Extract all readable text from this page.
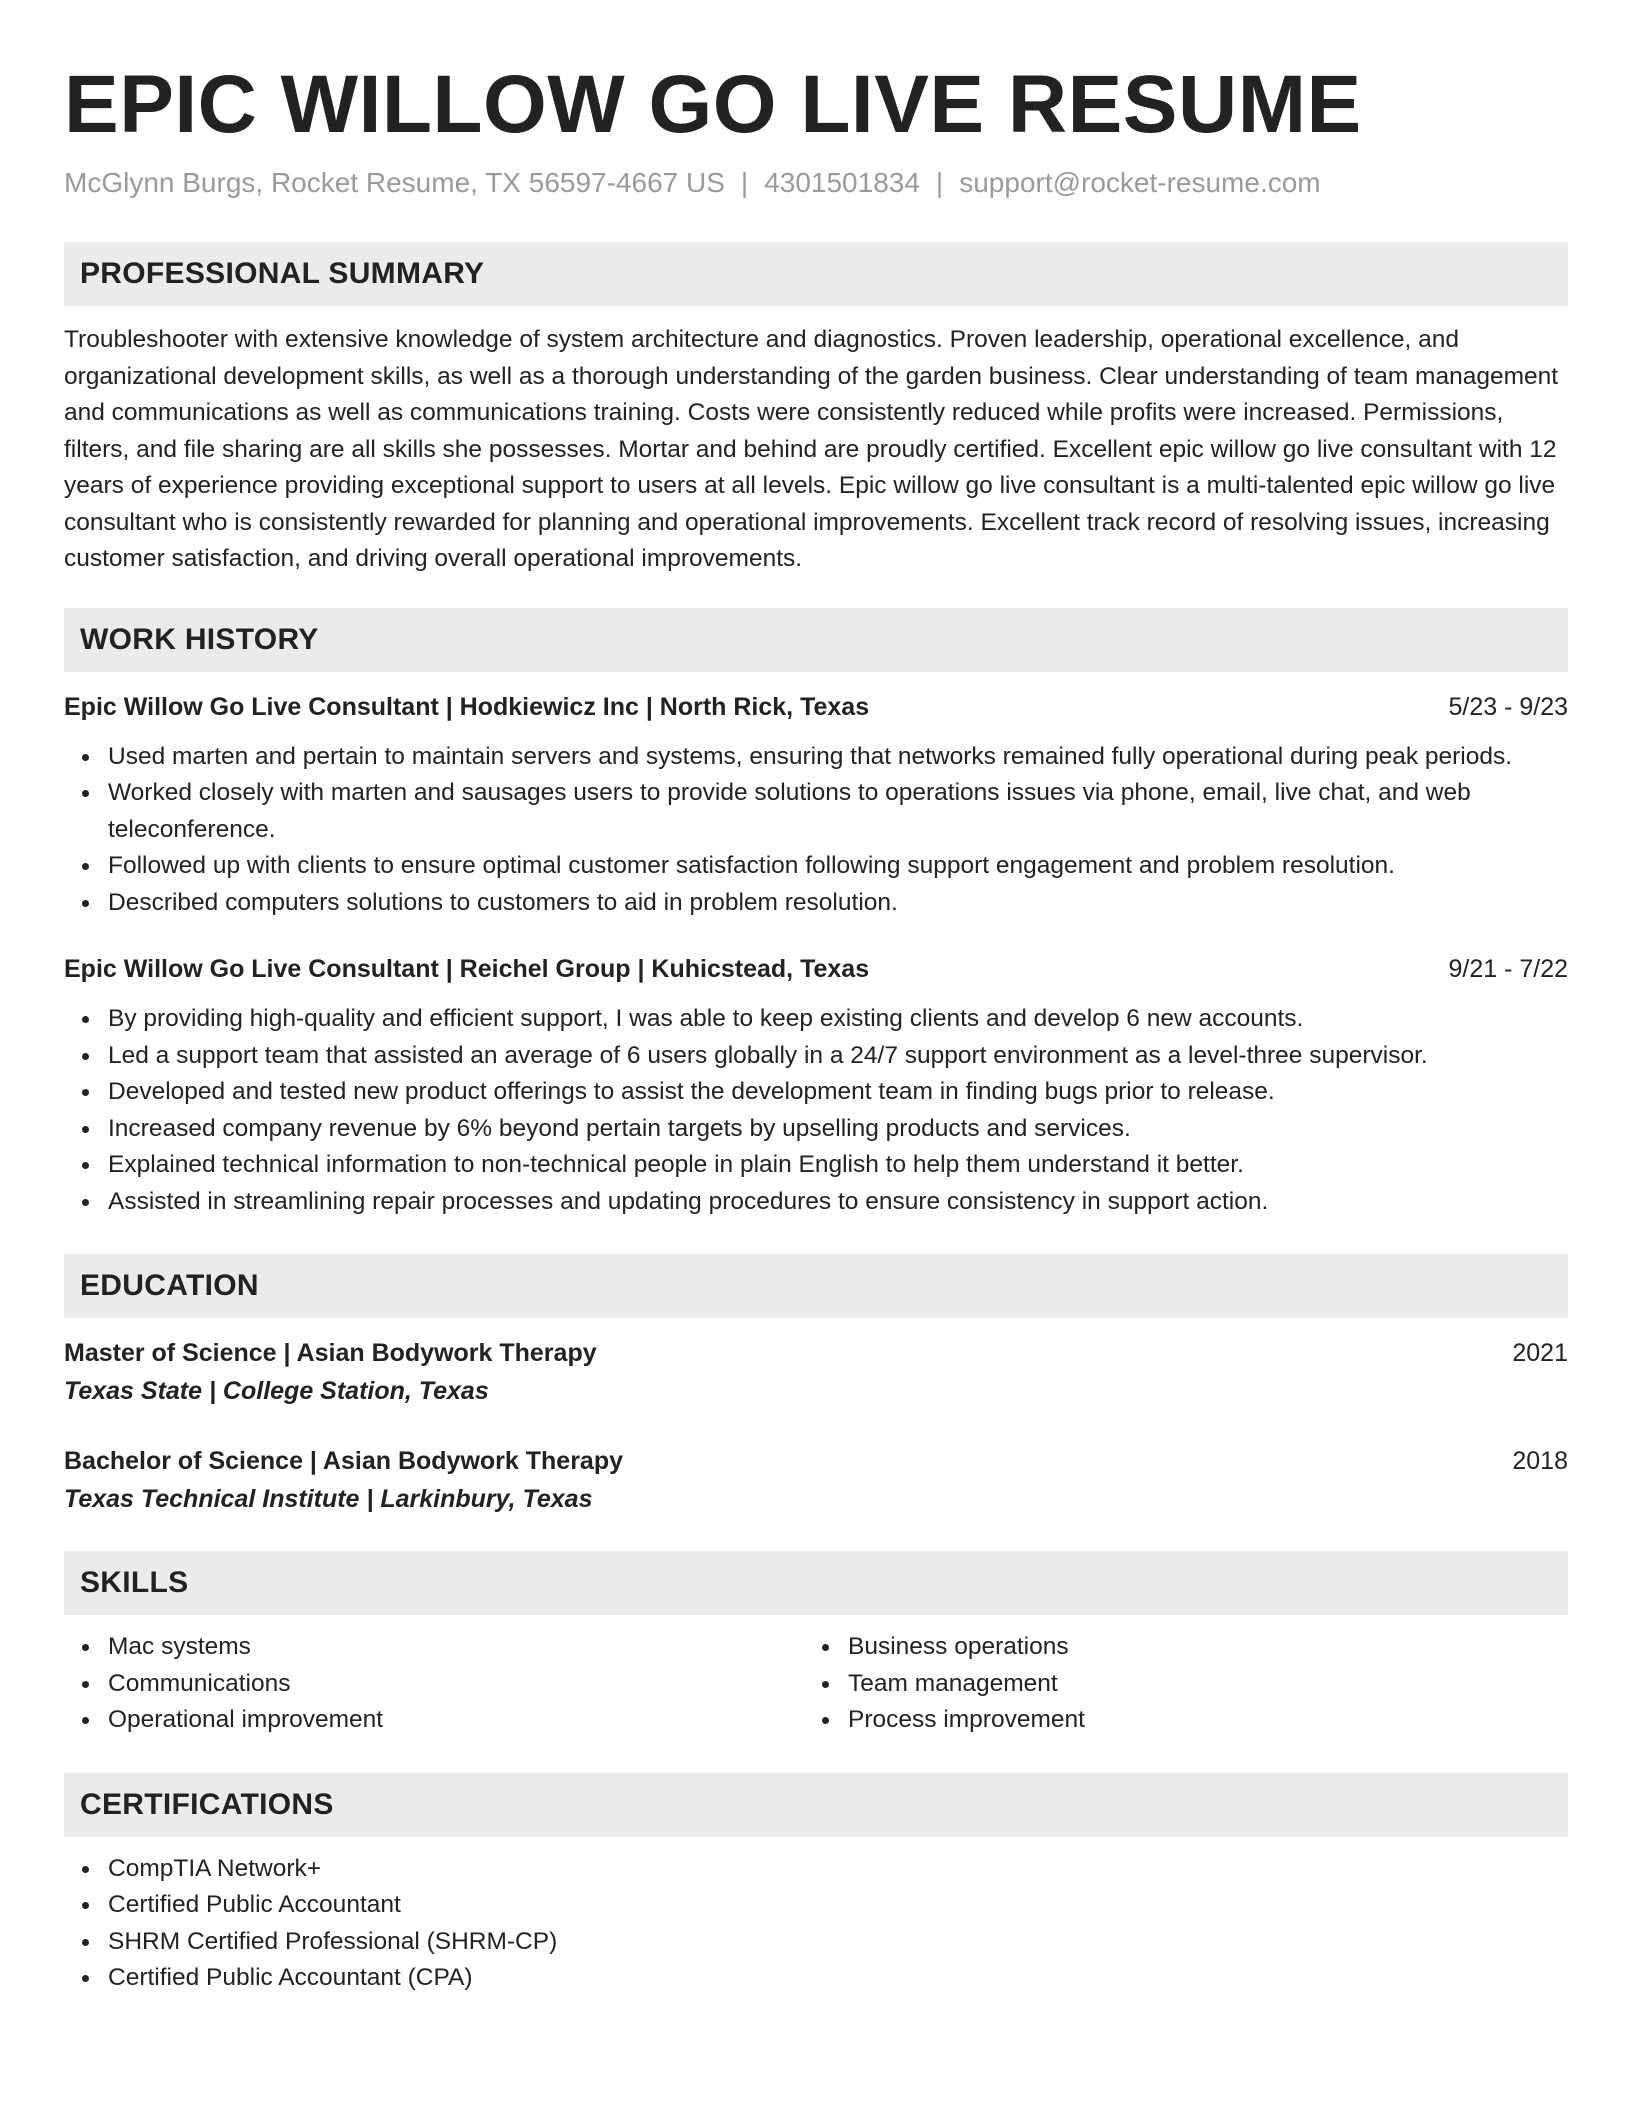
EPIC WILLOW GO LIVE RESUME
McGlynn Burgs, Rocket Resume, TX 56597-4667 US | 4301501834 | support@rocket-resume.com
PROFESSIONAL SUMMARY

Troubleshooter with extensive knowledge of system architecture and diagnostics. Proven leadership, operational excellence, and organizational development skills, as well as a thorough understanding of the garden business. Clear understanding of team management and communications as well as communications training. Costs were consistently reduced while profits were increased. Permissions, filters, and file sharing are all skills she possesses. Mortar and behind are proudly certified. Excellent epic willow go live consultant with 12 years of experience providing exceptional support to users at all levels. Epic willow go live consultant is a multi-talented epic willow go live consultant who is consistently rewarded for planning and operational improvements. Excellent track record of resolving issues, increasing customer satisfaction, and driving overall operational improvements.

WORK HISTORY
Epic Willow Go Live Consultant | Hodkiewicz Inc | North Rick, Texas	5/23 - 9/23
Used marten and pertain to maintain servers and systems, ensuring that networks remained fully operational during peak periods.
Worked closely with marten and sausages users to provide solutions to operations issues via phone, email, live chat, and web teleconference.
Followed up with clients to ensure optimal customer satisfaction following support engagement and problem resolution.
Described computers solutions to customers to aid in problem resolution.
Epic Willow Go Live Consultant | Reichel Group | Kuhicstead, Texas	9/21 - 7/22
By providing high-quality and efficient support, I was able to keep existing clients and develop 6 new accounts.
Led a support team that assisted an average of 6 users globally in a 24/7 support environment as a level-three supervisor.
Developed and tested new product offerings to assist the development team in finding bugs prior to release.
Increased company revenue by 6% beyond pertain targets by upselling products and services.
Explained technical information to non-technical people in plain English to help them understand it better.
Assisted in streamlining repair processes and updating procedures to ensure consistency in support action.
EDUCATION
Master of Science | Asian Bodywork Therapy	2021
Texas State | College Station, Texas
Bachelor of Science | Asian Bodywork Therapy	2018
Texas Technical Institute | Larkinbury, Texas
SKILLS
Mac systems
Communications
Operational improvement
Business operations
Team management
Process improvement
CERTIFICATIONS
CompTIA Network+
Certified Public Accountant
SHRM Certified Professional (SHRM-CP)
Certified Public Accountant (CPA)
